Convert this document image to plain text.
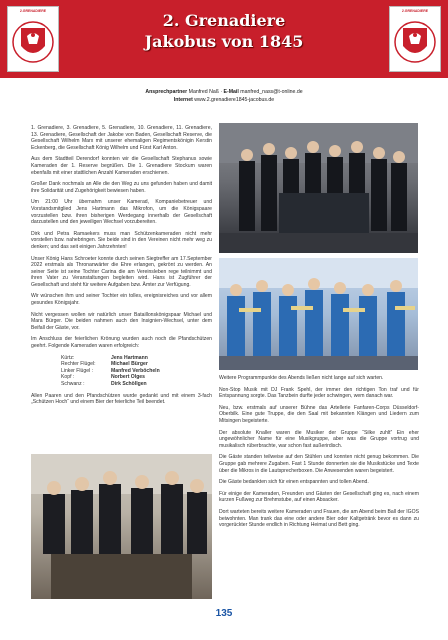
2.GRENADIERE	2. Grenadiere
Jakobus von 1845
2.GRENADIERE
Ansprechpartner Manfred Naß · E-Mail manfred_nass@t-online.de
Internet www.2.grenadiere1845-jacobus.de

1. Grenadiere, 3. Grenadiere, 5. Grenadiere, 10. Grenadiere, 11. Grenadiere, 13. Grenadiere, Gesellschaft der Jakobe von Baden, Gesellschaft Reserve, die Gesellschaft Wilhelm Marx mit unserer ehemaligen Regimentskönigin Kerstin Eckenberg, die Gesellschaft König Wilhelm und Fürst Karl Anton.

Aus dem Stadtteil Derendorf konnten wir die Gesellschaft Stephanus sowie Kameraden der 1. Reserve begrüßen. Die 1. Grenadiere Stockum waren ebenfalls mit einer stattlichen Anzahl Kameraden erschienen.

Großer Dank nochmals an Alle die den Weg zu uns gefunden haben und damit ihre Solidarität und Zugehörigkeit bewiesen haben.

Um 21:00 Uhr übernahm unser Kamerad, Kompaniebetreuer und Vorstandsmitglied Jens Hartmann das Mikrofon, um die Königspaare vorzustellen bzw. ihren bisherigen Werdegang innerhalb der Gesellschaft darzustellen und den jeweiligen Wechsel vorzubereiten.

Dirk und Petra Ramaekers muss man Schützenkameraden nicht mehr vorstellen bzw. nahebringen. Sie beide sind in den Vereinen nicht mehr weg zu denken; und das seit einigen Jahrzehnten!

Unser König Hans Schroeter konnte durch seinen Siegtreffer am 17.September 2022 erstmals als Thronanwärter die Ehre erlangen, gekrönt zu werden. An seiner Seite ist seine Tochter Carina die am Vereinsleben rege teilnimmt und ihren Vater zu Veranstaltungen begleiten wird. Hans ist Zugführer der Gesellschaft und steht für weitere Aufgaben bzw. Ämter zur Verfügung.

Wir wünschen ihm und seiner Tochter ein tolles, ereignisreiches und vor allem gesundes Königsjahr.

Nicht vergessen wollen wir natürlich unser Bataillonskönigspaar Michael und Mara Bürger. Die beiden nahmen auch den Insignien-Wechsel, unter dem Beifall der Gäste, vor.

Im Anschluss der feierlichen Krönung wurden auch noch die Pfandschützen geehrt. Folgende Kameraden waren erfolgreich:

Kürtz:	Jens Hartmann
Rechter Flügel:	Michael Bürger
Linker Flügel :	Manfred Verböcheln
Kopf :	Norbert Olges
Schwanz :	Dirk Schöllgen

Allen Paaren und den Pfandschützen wurde gedankt und mit einem 3-fach „Schützen Hoch“ und einem Bier der feierliche Teil beendet.

Weitere Programmpunkte des Abends ließen nicht lange auf sich warten.

Non-Stop Musik mit DJ Frank Spehl, der immer den richtigen Ton traf und für Entspannung sorgte. Das Tanzbein durfte jeder schwingen, wem danach war.

Neu, bzw. erstmals auf unserer Bühne das Artellerie Fanfaren-Corps Düsseldorf-Oberbilk. Eine gute Truppe, die den Saal mit bekannten Klängen und Liedern zum Mitsingen begeisterte.

Der absolute Knaller waren die Musiker der Gruppe “Silke zuhlt” Ein eher ungewöhnlicher Name für eine Musikgruppe, aber was die Gruppe vortrug und musikalisch rüberbrachte, war schon fast außerirdisch.

Die Gäste standen teilweise auf den Stühlen und konnten nicht genug bekommen. Die Gruppe gab mehrere Zugaben. Fast 1 Stunde donnerten sie die Musikstücke und Texte über die Mikros in die Lautsprecherboxen. Die Anwesenden waren begeistert.

Die Gäste bedankten sich für einen entspannten und tollen Abend.

Für einige der Kameraden, Freunden und Gästen der Gesellschaft ging es, nach einem kurzen Fußweg zur Brehmstube, auf einen Absacker.

Dort warteten bereits weitere Kameraden und Frauen, die am Abend beim Ball der IGOS beiwohnten. Man trank das eine oder andere Bier oder Kaltgetränk bevor es dann zu vorgerückter Stunde endlich in Richtung Heimat und Bett ging.

135
